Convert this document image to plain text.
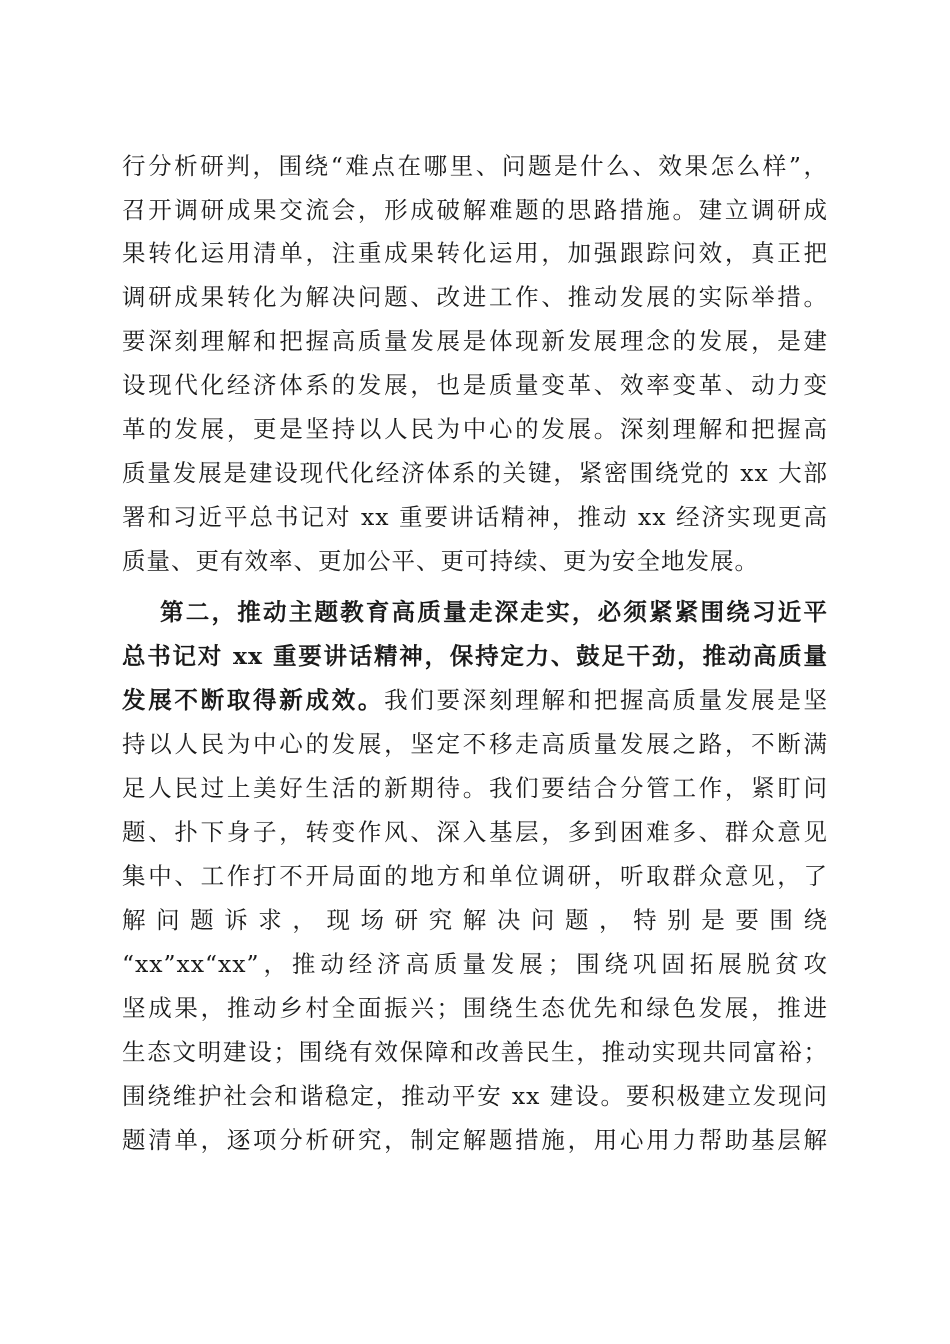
行分析研判，围绕“难点在哪里、问题是什么、效果怎么样”，
召开调研成果交流会，形成破解难题的思路措施。建立调研成
果转化运用清单，注重成果转化运用，加强跟踪问效，真正把
调研成果转化为解决问题、改进工作、推动发展的实际举措。
要深刻理解和把握高质量发展是体现新发展理念的发展，是建
设现代化经济体系的发展，也是质量变革、效率变革、动力变
革的发展，更是坚持以人民为中心的发展。深刻理解和把握高
质量发展是建设现代化经济体系的关键，紧密围绕党的 xx 大部
署和习近平总书记对 xx 重要讲话精神，推动 xx 经济实现更高
质量、更有效率、更加公平、更可持续、更为安全地发展。
第二，推动主题教育高质量走深走实，必须紧紧围绕习近平
总书记对 xx 重要讲话精神，保持定力、鼓足干劲，推动高质量
发展不断取得新成效。我们要深刻理解和把握高质量发展是坚
持以人民为中心的发展，坚定不移走高质量发展之路，不断满
足人民过上美好生活的新期待。我们要结合分管工作，紧盯问
题、扑下身子，转变作风、深入基层，多到困难多、群众意见
集中、工作打不开局面的地方和单位调研，听取群众意见，了
解问题诉求，现场研究解决问题，特别是要围绕
“xx”xx“xx”，推动经济高质量发展；围绕巩固拓展脱贫攻
坚成果，推动乡村全面振兴；围绕生态优先和绿色发展，推进
生态文明建设；围绕有效保障和改善民生，推动实现共同富裕；
围绕维护社会和谐稳定，推动平安 xx 建设。要积极建立发现问
题清单，逐项分析研究，制定解题措施，用心用力帮助基层解
